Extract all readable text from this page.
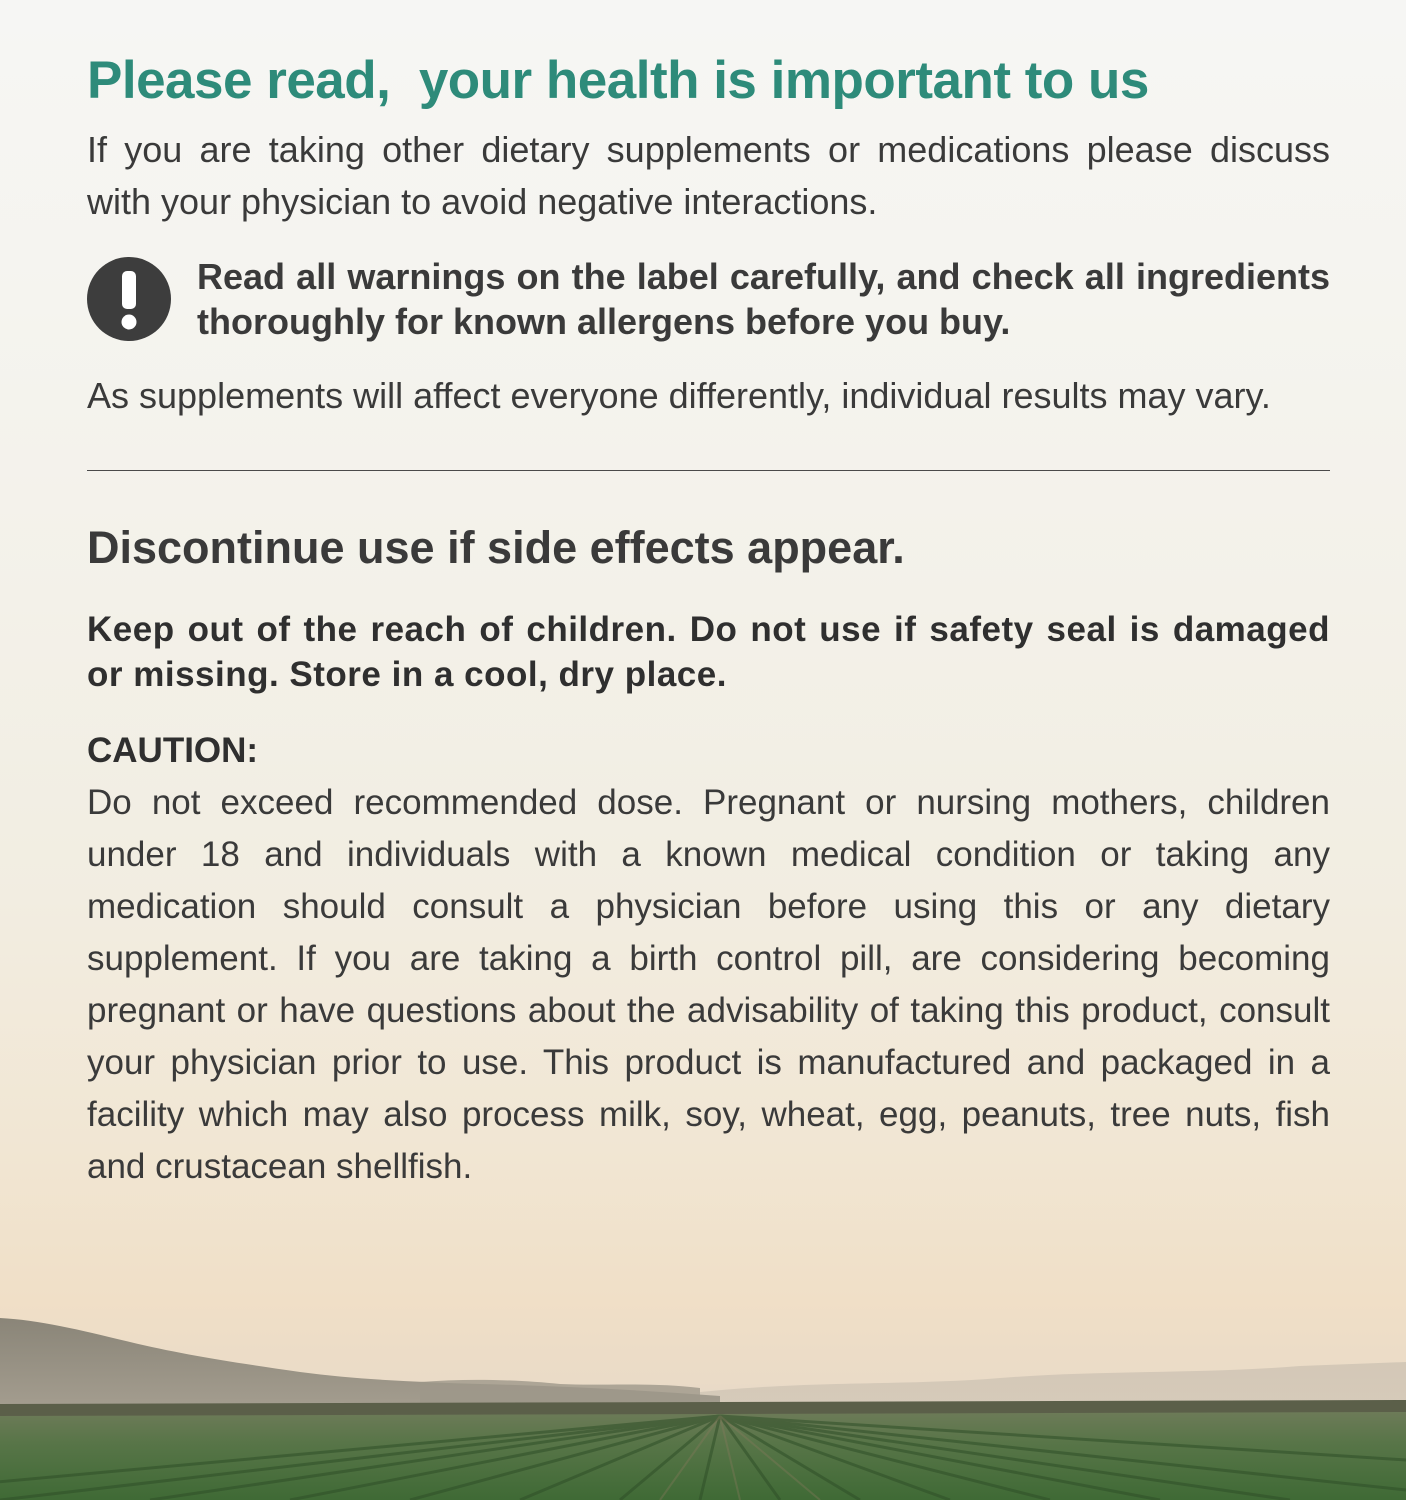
Please read,  your health is important to us

If you are taking other dietary supplements or medications please discuss with your physician to avoid negative interactions.

Read all warnings on the label carefully, and check all ingredients thoroughly for known allergens before you buy.

As supplements will affect everyone differently, individual results may vary.

Discontinue use if side effects appear.

Keep out of the reach of children. Do not use if safety seal is damaged or missing. Store in a cool, dry place.

CAUTION:

Do not exceed recommended dose. Pregnant or nursing mothers, children under 18 and individuals with a known medical condition or taking any medication should consult a physician before using this or any dietary supplement. If you are taking a birth control pill, are considering becoming pregnant or have questions about the advisability of taking this product, consult your physician prior to use. This product is manufactured and packaged in a facility which may also process milk, soy, wheat, egg, peanuts, tree nuts, fish and crustacean shellfish.
